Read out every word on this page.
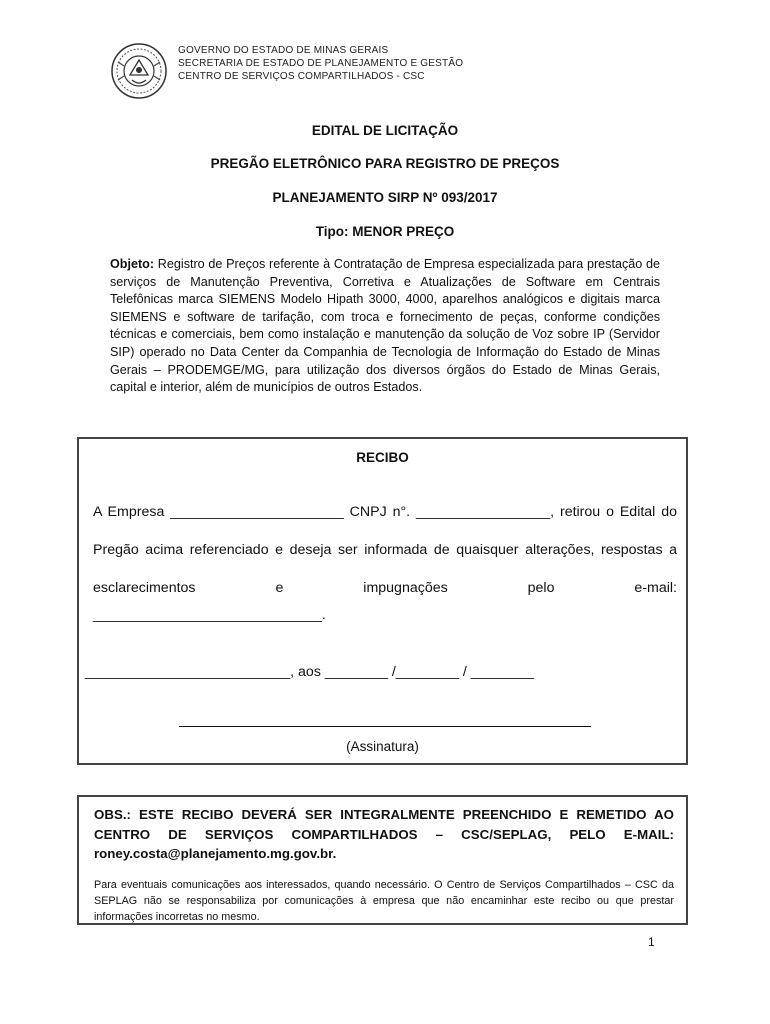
GOVERNO DO ESTADO DE MINAS GERAIS
SECRETARIA DE ESTADO DE PLANEJAMENTO E GESTÃO
CENTRO DE SERVIÇOS COMPARTILHADOS - CSC
EDITAL DE LICITAÇÃO
PREGÃO ELETRÔNICO PARA REGISTRO DE PREÇOS
PLANEJAMENTO SIRP Nº 093/2017
Tipo: MENOR PREÇO
Objeto: Registro de Preços referente à Contratação de Empresa especializada para prestação de serviços de Manutenção Preventiva, Corretiva e Atualizações de Software em Centrais Telefônicas marca SIEMENS Modelo Hipath 3000, 4000, aparelhos analógicos e digitais marca SIEMENS e software de tarifação, com troca e fornecimento de peças, conforme condições técnicas e comerciais, bem como instalação e manutenção da solução de Voz sobre IP (Servidor SIP) operado no Data Center da Companhia de Tecnologia de Informação do Estado de Minas Gerais – PRODEMGE/MG, para utilização dos diversos órgãos do Estado de Minas Gerais, capital e interior, além de municípios de outros Estados.
RECIBO
A Empresa ______________________ CNPJ n°. _________________, retirou o Edital do Pregão acima referenciado e deseja ser informada de quaisquer alterações, respostas a esclarecimentos e impugnações pelo e-mail:
_____________________________.
__________________________, aos ________ /________ / ________
(Assinatura)
OBS.: ESTE RECIBO DEVERÁ SER INTEGRALMENTE PREENCHIDO E REMETIDO AO CENTRO DE SERVIÇOS COMPARTILHADOS – CSC/SEPLAG, PELO E-MAIL: roney.costa@planejamento.mg.gov.br.
Para eventuais comunicações aos interessados, quando necessário. O Centro de Serviços Compartilhados – CSC da SEPLAG não se responsabiliza por comunicações à empresa que não encaminhar este recibo ou que prestar informações incorretas no mesmo.
1
